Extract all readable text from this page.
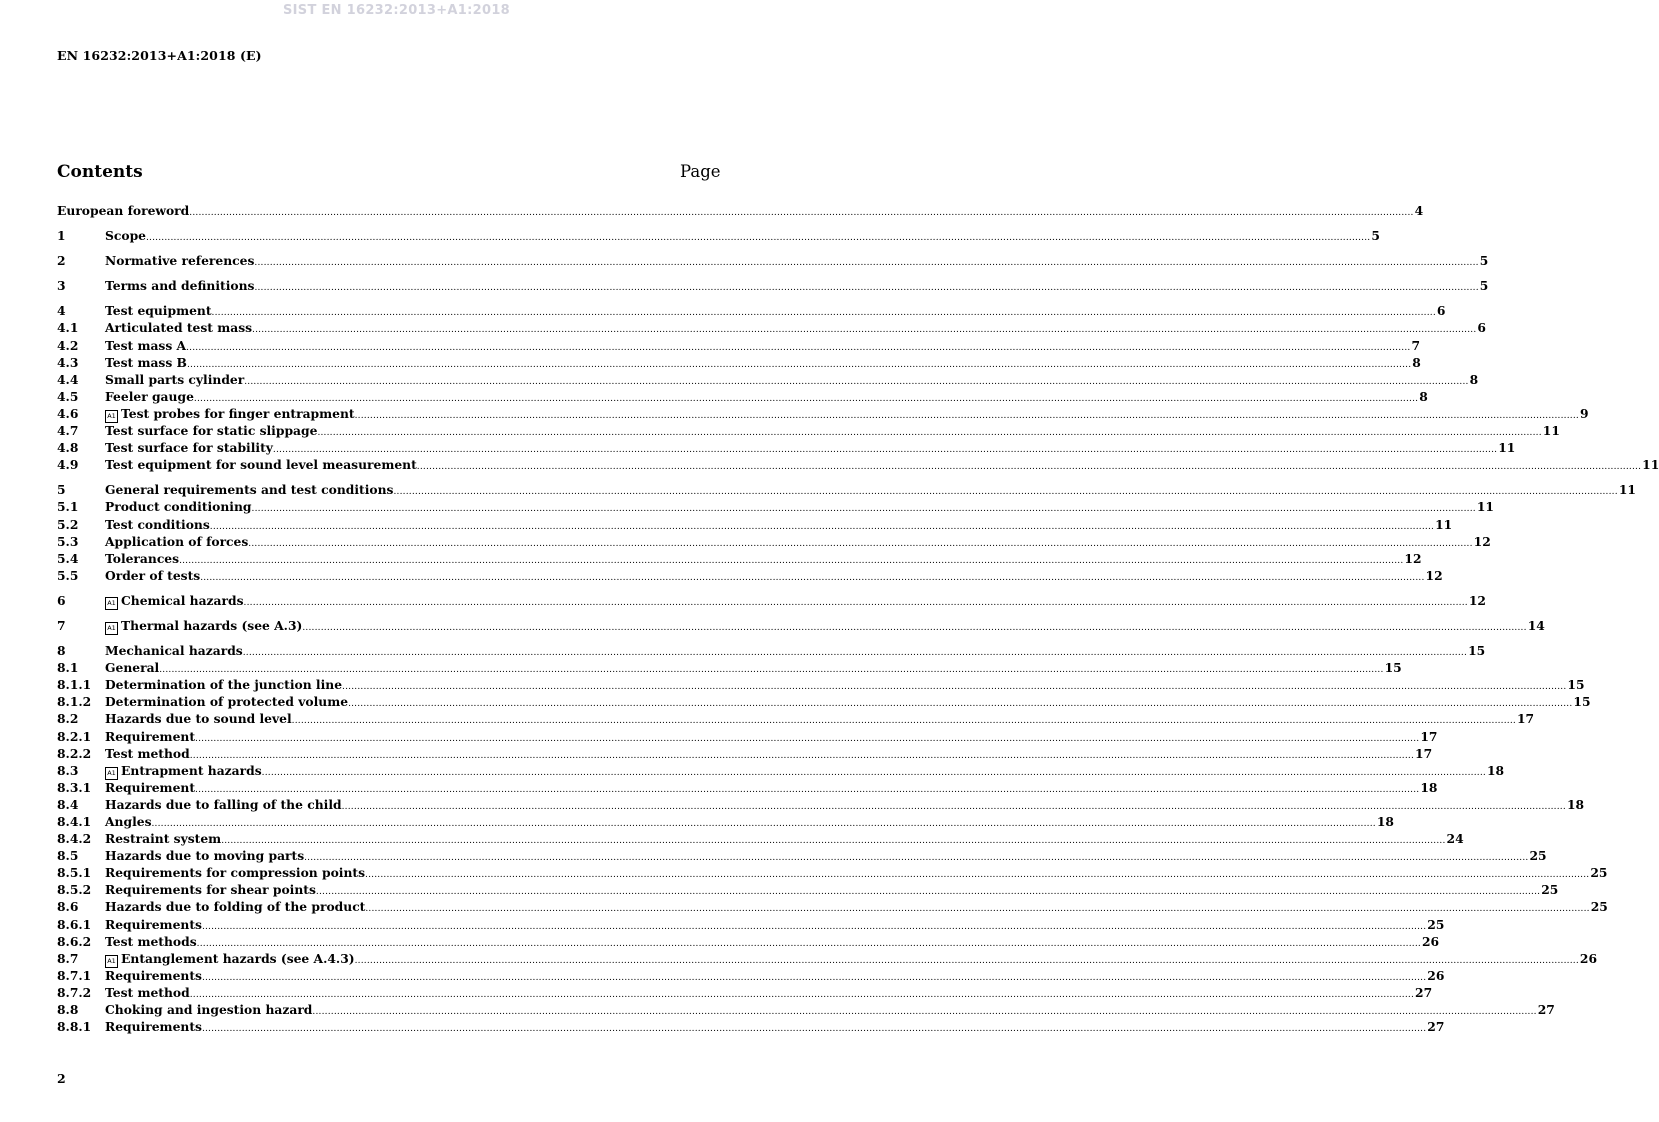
SIST EN 16232:2013+A1:2018
EN 16232:2013+A1:2018 (E)
Contents	Page
European foreword ................................................................................................................................................................................................................................................................................................................................................................................................................ 4
1	Scope ................................................................................................................................................................................................................................................................................................................................................................................................................ 5
2	Normative references ................................................................................................................................................................................................................................................................................................................................................................................................................ 5
3	Terms and definitions ................................................................................................................................................................................................................................................................................................................................................................................................................ 5
4	Test equipment ................................................................................................................................................................................................................................................................................................................................................................................................................ 6
4.1 Articulated test mass ................................................................................................................................................................................................................................................................................................................................................................................................................ 6
4.2 Test mass A ................................................................................................................................................................................................................................................................................................................................................................................................................ 7
4.3 Test mass B ................................................................................................................................................................................................................................................................................................................................................................................................................ 8
4.4 Small parts cylinder ................................................................................................................................................................................................................................................................................................................................................................................................................ 8
4.5 Feeler gauge ................................................................................................................................................................................................................................................................................................................................................................................................................ 8
4.6	A1 Test probes for finger entrapment ................................................................................................................................................................................................................................................................................................................................................................................................................ 9
4.7 Test surface for static slippage ................................................................................................................................................................................................................................................................................................................................................................................................................ 11
4.8 Test surface for stability ................................................................................................................................................................................................................................................................................................................................................................................................................ 11
4.9 Test equipment for sound level measurement ................................................................................................................................................................................................................................................................................................................................................................................................................ 11
5	General requirements and test conditions ................................................................................................................................................................................................................................................................................................................................................................................................................ 11
5.1 Product conditioning ................................................................................................................................................................................................................................................................................................................................................................................................................ 11
5.2 Test conditions ................................................................................................................................................................................................................................................................................................................................................................................................................ 11
5.3 Application of forces ................................................................................................................................................................................................................................................................................................................................................................................................................ 12
5.4 Tolerances ................................................................................................................................................................................................................................................................................................................................................................................................................ 12
5.5 Order of tests ................................................................................................................................................................................................................................................................................................................................................................................................................ 12
6	A1 Chemical hazards ................................................................................................................................................................................................................................................................................................................................................................................................................ 12
7	A1 Thermal hazards (see A.3) ................................................................................................................................................................................................................................................................................................................................................................................................................ 14
8	Mechanical hazards ................................................................................................................................................................................................................................................................................................................................................................................................................ 15
8.1 General ................................................................................................................................................................................................................................................................................................................................................................................................................ 15
8.1.1 Determination of the junction line ................................................................................................................................................................................................................................................................................................................................................................................................................ 15
8.1.2 Determination of protected volume ................................................................................................................................................................................................................................................................................................................................................................................................................ 15
8.2 Hazards due to sound level ................................................................................................................................................................................................................................................................................................................................................................................................................ 17
8.2.1 Requirement ................................................................................................................................................................................................................................................................................................................................................................................................................ 17
8.2.2 Test method ................................................................................................................................................................................................................................................................................................................................................................................................................ 17
8.3	A1 Entrapment hazards ................................................................................................................................................................................................................................................................................................................................................................................................................ 18
8.3.1 Requirement ................................................................................................................................................................................................................................................................................................................................................................................................................ 18
8.4 Hazards due to falling of the child ................................................................................................................................................................................................................................................................................................................................................................................................................ 18
8.4.1 Angles ................................................................................................................................................................................................................................................................................................................................................................................................................ 18
8.4.2 Restraint system ................................................................................................................................................................................................................................................................................................................................................................................................................ 24
8.5 Hazards due to moving parts ................................................................................................................................................................................................................................................................................................................................................................................................................ 25
8.5.1 Requirements for compression points ................................................................................................................................................................................................................................................................................................................................................................................................................ 25
8.5.2 Requirements for shear points ................................................................................................................................................................................................................................................................................................................................................................................................................ 25
8.6 Hazards due to folding of the product ................................................................................................................................................................................................................................................................................................................................................................................................................ 25
8.6.1 Requirements ................................................................................................................................................................................................................................................................................................................................................................................................................ 25
8.6.2 Test methods ................................................................................................................................................................................................................................................................................................................................................................................................................ 26
8.7	A1 Entanglement hazards (see A.4.3) ................................................................................................................................................................................................................................................................................................................................................................................................................ 26
8.7.1 Requirements ................................................................................................................................................................................................................................................................................................................................................................................................................ 26
8.7.2 Test method ................................................................................................................................................................................................................................................................................................................................................................................................................ 27
8.8 Choking and ingestion hazard ................................................................................................................................................................................................................................................................................................................................................................................................................ 27
8.8.1 Requirements ................................................................................................................................................................................................................................................................................................................................................................................................................ 27
2
